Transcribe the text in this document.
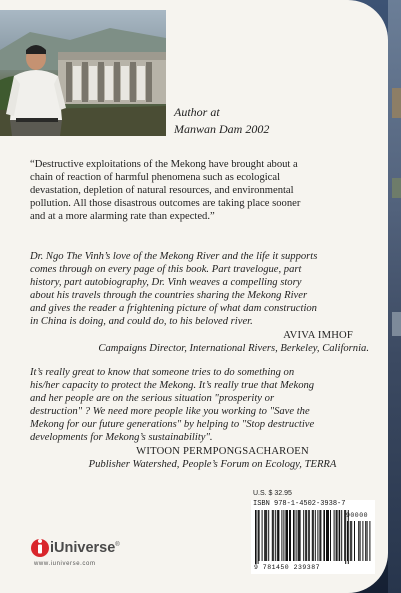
Author at
Manwan Dam 2002
“Destructive exploitations of the Mekong have brought about a
chain of reaction of harmful phenomena such as ecological
devastation, depletion of natural resources, and environmental
pollution. All those disastrous outcomes are taking place sooner
and at a more alarming rate than expected.”
Dr. Ngo The Vinh’s love of the Mekong River and the life it supports
comes through on every page of this book. Part travelogue, part
history, part autobiography, Dr. Vinh weaves a compelling story
about his travels through the countries sharing the Mekong River
and gives the reader a frightening picture of what dam construction
in China is doing, and could do, to his beloved river.
AVIVA IMHOF
Campaigns Director, International Rivers, Berkeley, California.
It’s really great to know that someone tries to do something on
his/her capacity to protect the Mekong. It’s really true that Mekong
and her people are on the serious situation "prosperity or
destruction" ? We need more people like you working to "Save the
Mekong for our future generations" by helping to "Stop destructive
developments for Mekong’s sustainability".
WITOON PERMPONGSACHAROEN
Publisher Watershed, People’s Forum on Ecology, TERRA
U.S. $ 32.95
ISBN 978-1-4502-3938-7
90000
9 781450 239387
iUniverse®
www.iuniverse.com
